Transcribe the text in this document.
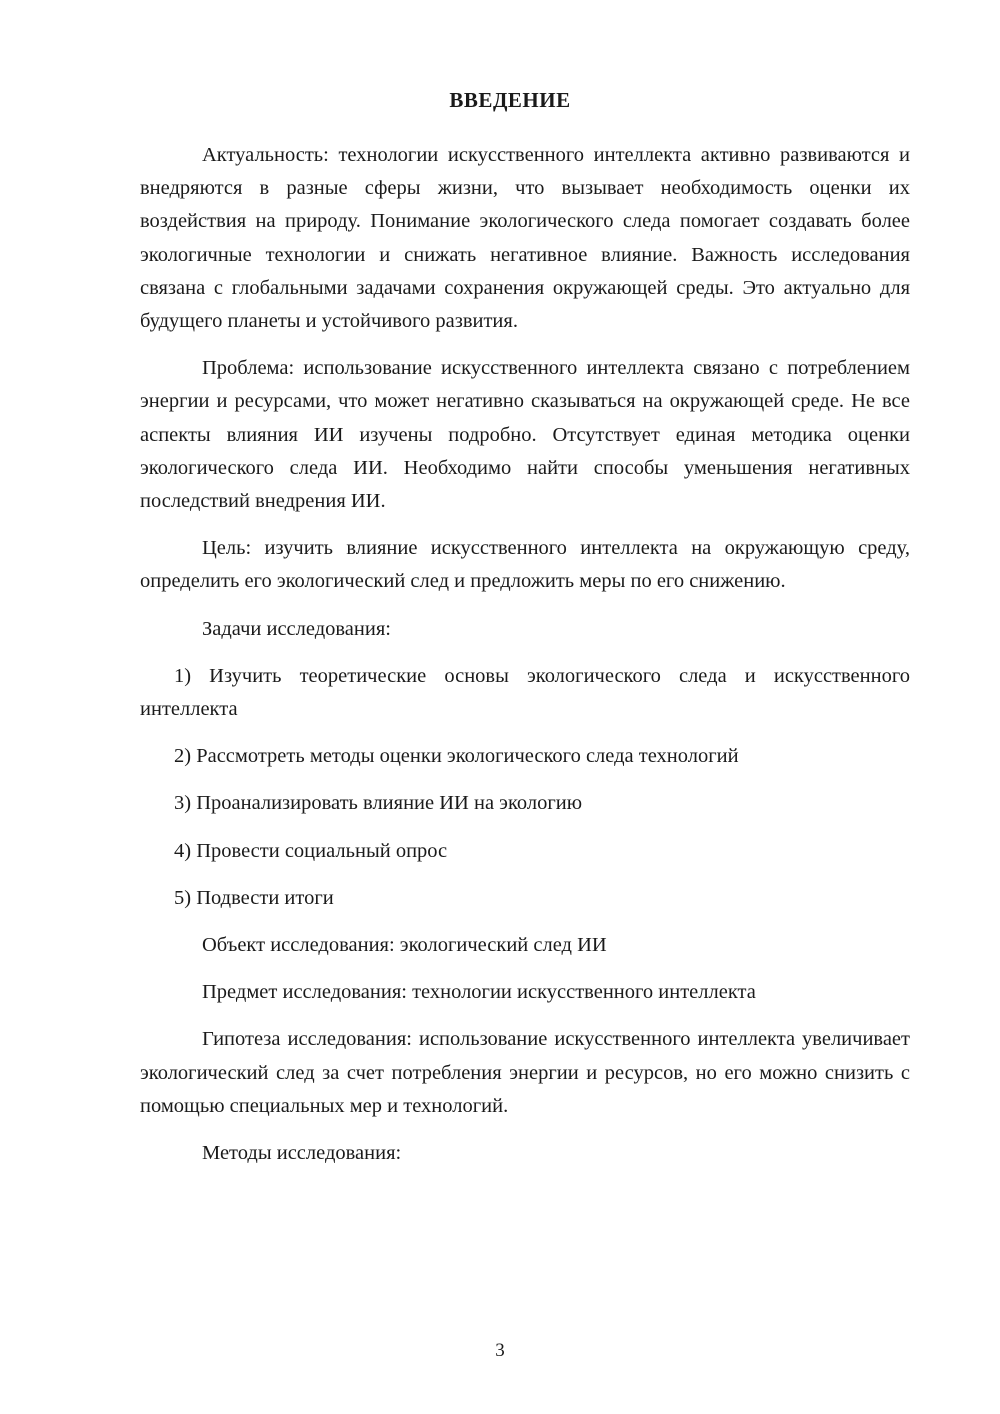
ВВЕДЕНИЕ

Актуальность: технологии искусственного интеллекта активно развиваются и внедряются в разные сферы жизни, что вызывает необходимость оценки их воздействия на природу. Понимание экологического следа помогает создавать более экологичные технологии и снижать негативное влияние. Важность исследования связана с глобальными задачами сохранения окружающей среды. Это актуально для будущего планеты и устойчивого развития.

Проблема: использование искусственного интеллекта связано с потреблением энергии и ресурсами, что может негативно сказываться на окружающей среде. Не все аспекты влияния ИИ изучены подробно. Отсутствует единая методика оценки экологического следа ИИ. Необходимо найти способы уменьшения негативных последствий внедрения ИИ.

Цель: изучить влияние искусственного интеллекта на окружающую среду, определить его экологический след и предложить меры по его снижению.

Задачи исследования:

1) Изучить теоретические основы экологического следа и искусственного интеллекта

2) Рассмотреть методы оценки экологического следа технологий

3) Проанализировать влияние ИИ на экологию

4) Провести социальный опрос

5) Подвести итоги

Объект исследования: экологический след ИИ

Предмет исследования: технологии искусственного интеллекта

Гипотеза исследования: использование искусственного интеллекта увеличивает экологический след за счет потребления энергии и ресурсов, но его можно снизить с помощью специальных мер и технологий.

Методы исследования:

3
